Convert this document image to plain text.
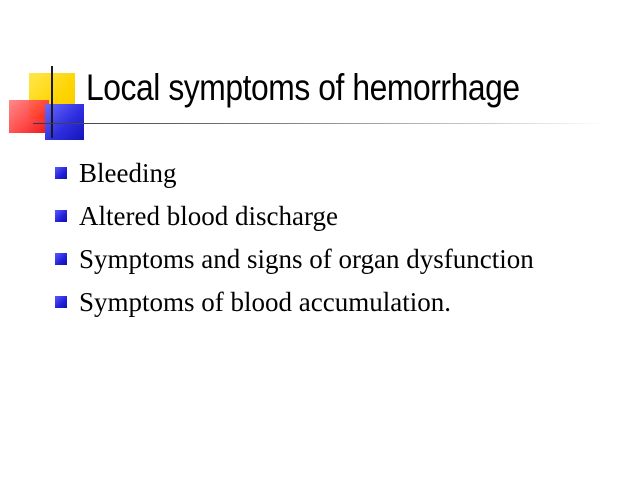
Local symptoms of hemorrhage
Bleeding
Altered blood discharge
Symptoms and signs of organ dysfunction
Symptoms of blood accumulation.
